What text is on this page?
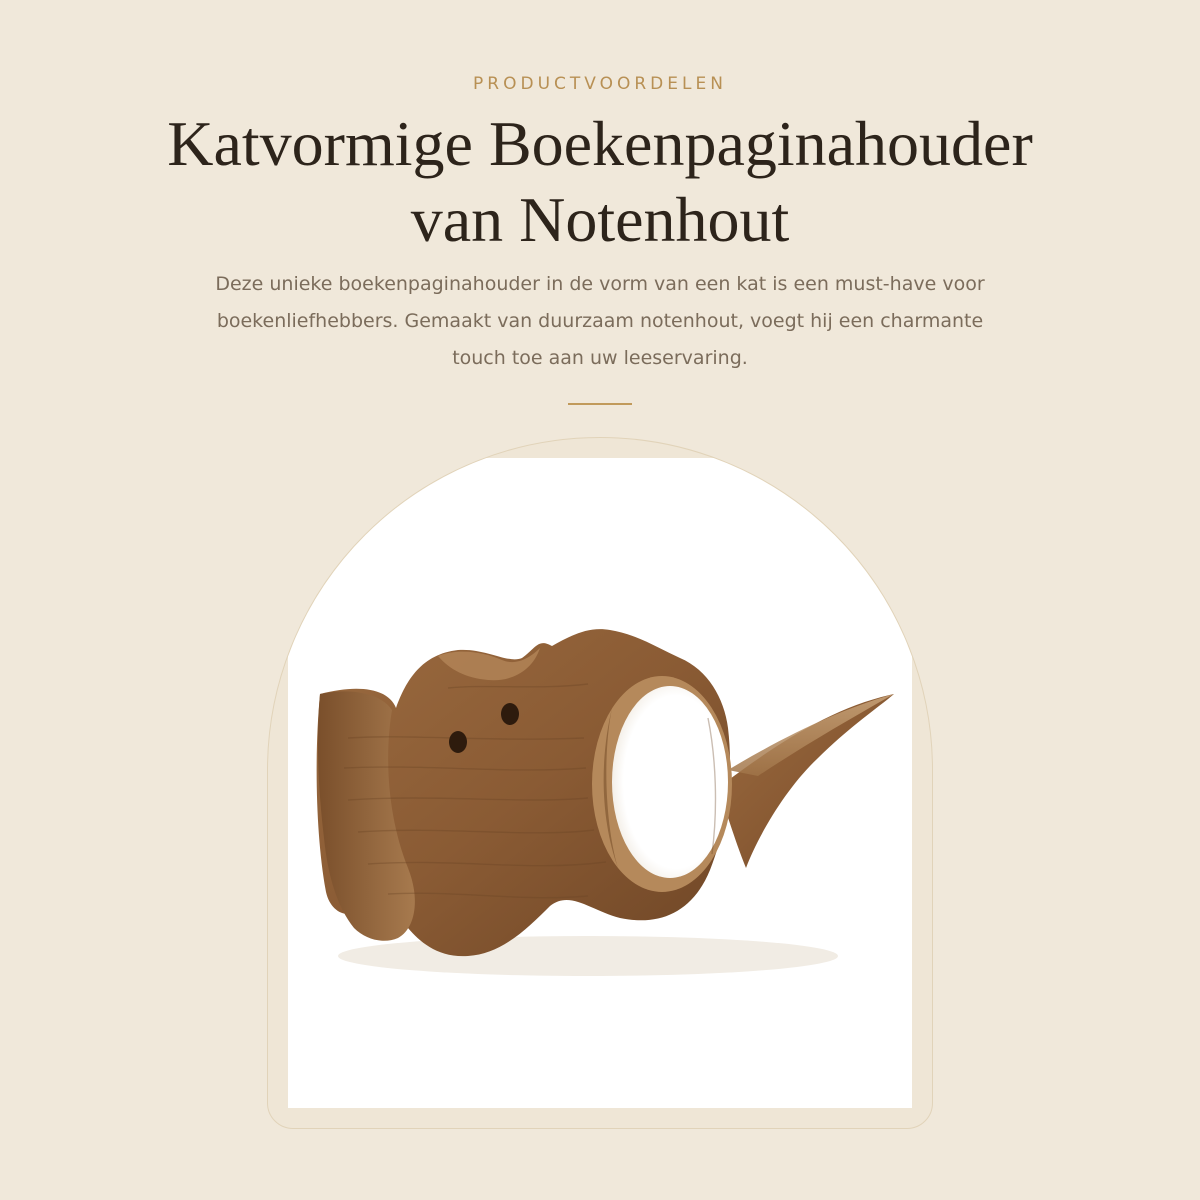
PRODUCTVOORDELEN
Katvormige Boekenpaginahouder
van Notenhout

Deze unieke boekenpaginahouder in de vorm van een kat is een must-have voor
boekenliefhebbers. Gemaakt van duurzaam notenhout, voegt hij een charmante
touch toe aan uw leeservaring.
